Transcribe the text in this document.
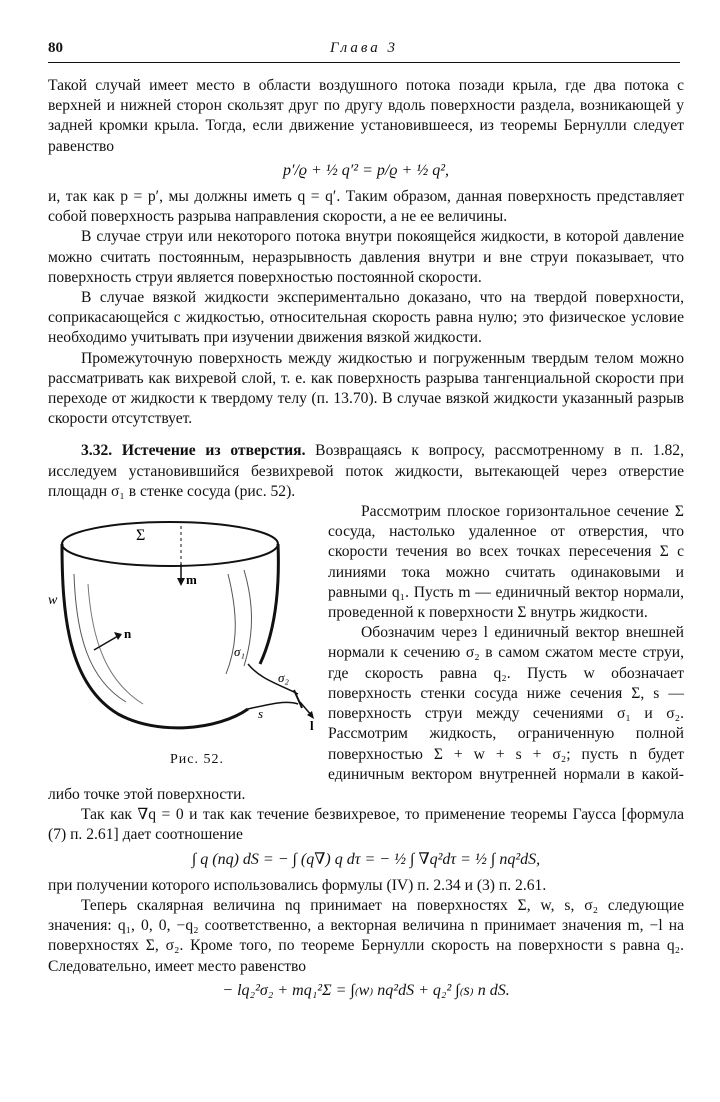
80	Глава 3

Такой случай имеет место в области воздушного потока позади крыла, где два потока с верхней и нижней сторон скользят друг по другу вдоль поверхности раздела, возникающей у задней кромки крыла. Тогда, если движение установившееся, из теоремы Бернулли следует равенство

p′/ϱ + ½ q′² = p/ϱ + ½ q²,

и, так как p = p′, мы должны иметь q = q′. Таким образом, данная поверхность представляет собой поверхность разрыва направления скорости, а не ее величины.

В случае струи или некоторого потока внутри покоящейся жидкости, в которой давление можно считать постоянным, неразрывность давления внутри и вне струи показывает, что поверхность струи является поверхностью постоянной скорости.

В случае вязкой жидкости экспериментально доказано, что на твердой поверхности, соприкасающейся с жидкостью, относительная скорость равна нулю; это физическое условие необходимо учитывать при изучении движения вязкой жидкости.

Промежуточную поверхность между жидкостью и погруженным твердым телом можно рассматривать как вихревой слой, т. е. как поверхность разрыва тангенциальной скорости при переходе от жидкости к твердому телу (п. 13.70). В случае вязкой жидкости указанный разрыв скорости отсутствует.

3.32. Истечение из отверстия. Возвращаясь к вопросу, рассмотренному в п. 1.82, исследуем установившийся безвихревой поток жидкости, вытекающей через отверстие площадн σ₁ в стенке сосуда (рис. 52).

Σ
m
w
n
σ₁
σ₂
s
l
Рис. 52.

Рассмотрим плоское горизонтальное сечение Σ сосуда, настолько удаленное от отверстия, что скорости течения во всех точках пересечения Σ с линиями тока можно считать одинаковыми и равными q₁. Пусть m — единичный вектор нормали, проведенной к поверхности Σ внутрь жидкости.

Обозначим через l единичный вектор внешней нормали к сечению σ₂ в самом сжатом месте струи, где скорость равна q₂. Пусть w обозначает поверхность стенки сосуда ниже сечения Σ, s — поверхность струи между сечениями σ₁ и σ₂. Рассмотрим жидкость, ограниченную полной поверхностью Σ + w + s + σ₂; пусть n будет единичным вектором внутренней нормали в какой-либо точке этой поверхности.

Так как ∇q = 0 и так как течение безвихревое, то применение теоремы Гаусса [формула (7) п. 2.61] дает соотношение

∫ q (nq) dS = − ∫ (q∇) q dτ = − ½ ∫ ∇q²dτ = ½ ∫ nq²dS,

при получении которого использовались формулы (IV) п. 2.34 и (3) п. 2.61.

Теперь скалярная величина nq принимает на поверхностях Σ, w, s, σ₂ следующие значения: q₁, 0, 0, −q₂ соответственно, а векторная величина n принимает значения m, −l на поверхностях Σ, σ₂. Кроме того, по теореме Бернулли скорость на поверхности s равна q₂. Следовательно, имеет место равенство

− lq₂²σ₂ + mq₁²Σ = ∫₍w₎ nq²dS + q₂² ∫₍s₎ n dS.
